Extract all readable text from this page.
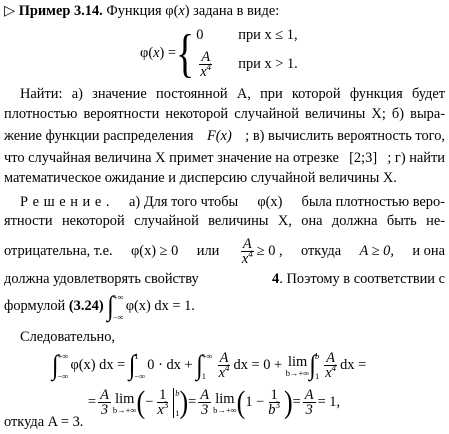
▷ Пример 3.14. Функция φ(x) задана в виде:
φ(x) = { 0	при x ≤ 1,
$\frac{A}{x^4}$ при x > 1.
Найти: а) значение постоянной A, при которой функция будет
плотностью вероятности некоторой случайной величины X; б) выра-
жение функции распределения F(x) ; в) вычислить вероятность того,
что случайная величина X примет значение на отрезке [2;3] ; г) найти
математическое ожидание и дисперсию случайной величины X.
Р е ш е н и е . а) Для того чтобы φ(x) была плотностью веро-
ятности некоторой случайной величины X, она должна быть не-
отрицательна, т.е. φ(x) ≥ 0 или $\frac{A}{x^4} \ge 0$ , откуда A ≥ 0, и она
должна удовлетворять свойству	4. Поэтому в соответствии с
формулой
(3.24)
∫ +∞
−∞
φ(x) dx = 1.
Следовательно,
∫ +∞
−∞
φ(x) dx =
∫ 1
−∞
0 · dx +
∫ +∞
$1 \frac{A}{x^4}$ dx = 0 +
lim
b→+∞ ∫ b
$1 \frac{A}{x^4}$ dx =
= $\frac{A}{3}$ lim
b→+∞ ( − $\frac{1}{x^3}$ b
1 ) = $\frac{A}{3}$ lim
b→+∞ ( $1 - \frac{1}{b^3}$ ) = $\frac{A}{3} = 1$,
откуда A = 3.
